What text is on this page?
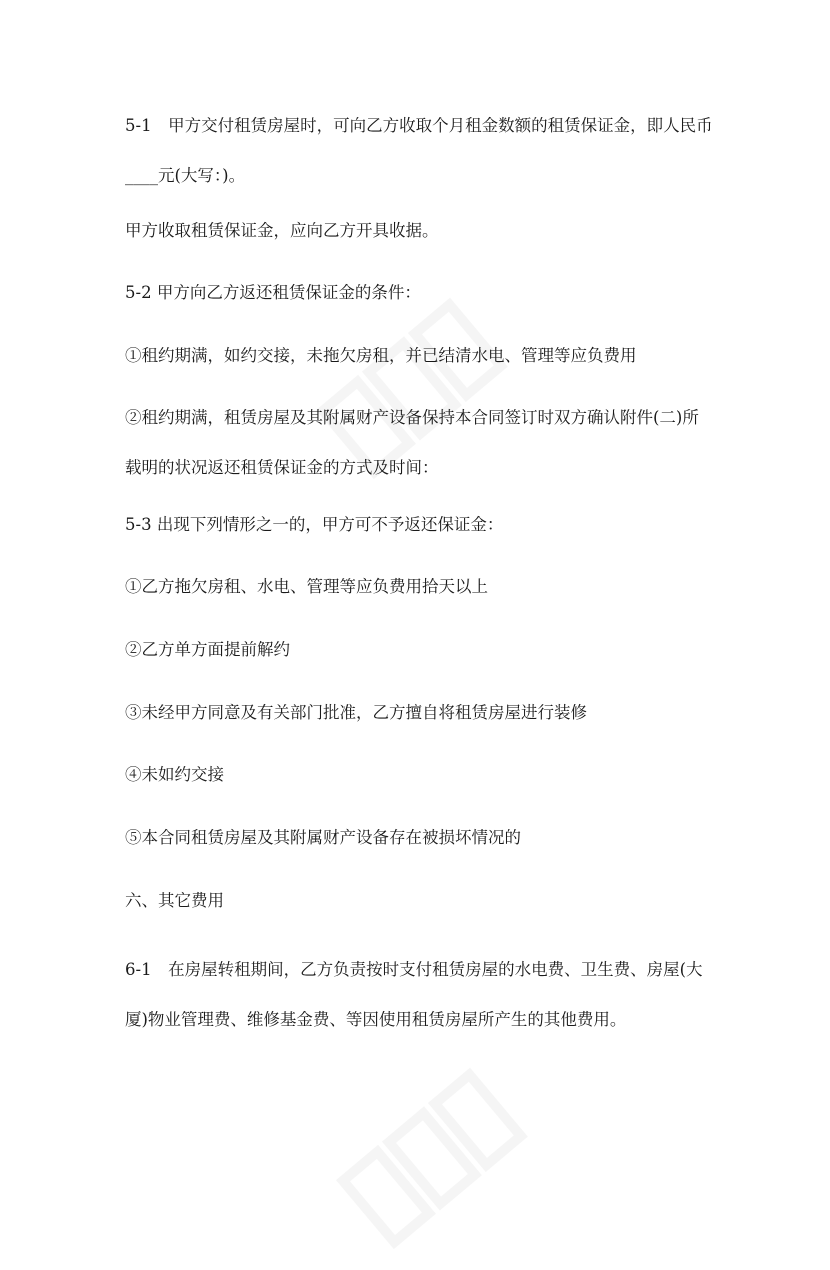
5-1　甲方交付租赁房屋时，可向乙方收取个月租金数额的租赁保证金，即人民币____元(大写：)。

甲方收取租赁保证金，应向乙方开具收据。

5-2 甲方向乙方返还租赁保证金的条件：

①租约期满，如约交接，未拖欠房租，并已结清水电、管理等应负费用

②租约期满，租赁房屋及其附属财产设备保持本合同签订时双方确认附件(二)所载明的状况返还租赁保证金的方式及时间：

5-3 出现下列情形之一的，甲方可不予返还保证金：

①乙方拖欠房租、水电、管理等应负费用拾天以上

②乙方单方面提前解约

③未经甲方同意及有关部门批准，乙方擅自将租赁房屋进行装修

④未如约交接

⑤本合同租赁房屋及其附属财产设备存在被损坏情况的

六、其它费用

6-1　在房屋转租期间，乙方负责按时支付租赁房屋的水电费、卫生费、房屋(大厦)物业管理费、维修基金费、等因使用租赁房屋所产生的其他费用。
